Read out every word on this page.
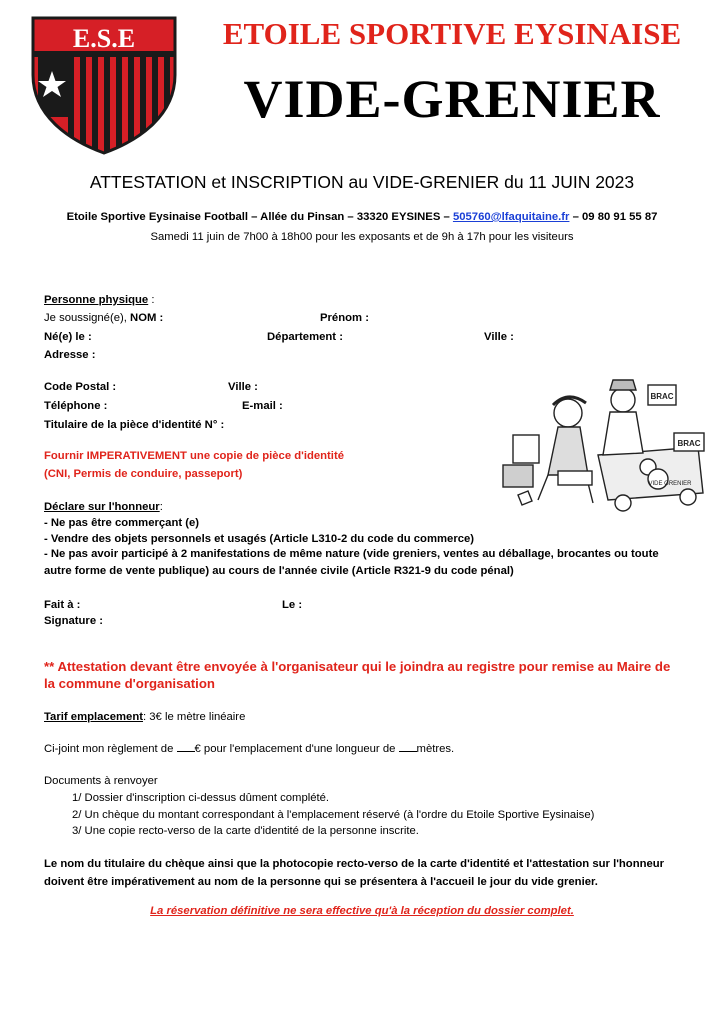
E.S.E	ETOILE SPORTIVE EYSINAISE
VIDE-GRENIER
ATTESTATION et INSCRIPTION au VIDE-GRENIER du 11 JUIN 2023
Etoile Sportive Eysinaise Football – Allée du Pinsan – 33320 EYSINES – 505760@lfaquitaine.fr – 09 80 91 55 87
Samedi 11 juin de 7h00 à 18h00 pour les exposants et de 9h à 17h pour les visiteurs
Personne physique :
Je soussigné(e), NOM :	Prénom :
Né(e) le :	Département :	Ville :
Adresse :
Code Postal :	Ville :
Téléphone :	E-mail :
Titulaire de la pièce d'identité N° :
Fournir IMPERATIVEMENT une copie de pièce d'identité
(CNI, Permis de conduire, passeport)
BRAC
BRAC
VIDE GRENIER
Déclare sur l'honneur:
- Ne pas être commerçant (e)
- Vendre des objets personnels et usagés (Article L310-2 du code du commerce)
- Ne pas avoir participé à 2 manifestations de même nature (vide greniers, ventes au déballage, brocantes ou toute autre forme de vente publique) au cours de l'année civile (Article R321-9 du code pénal)
Fait à :	Le :
Signature :
** Attestation devant être envoyée à l'organisateur qui le joindra au registre pour remise au Maire de la commune d'organisation
Tarif emplacement: 3€ le mètre linéaire
Ci-joint mon règlement de € pour l'emplacement d'une longueur de mètres.
Documents à renvoyer
1/ Dossier d'inscription ci-dessus dûment complété.
2/ Un chèque du montant correspondant à l'emplacement réservé (à l'ordre du Etoile Sportive Eysinaise)
3/ Une copie recto-verso de la carte d'identité de la personne inscrite.
Le nom du titulaire du chèque ainsi que la photocopie recto-verso de la carte d'identité et l'attestation sur l'honneur doivent être impérativement au nom de la personne qui se présentera à l'accueil le jour du vide grenier.
La réservation définitive ne sera effective qu'à la réception du dossier complet.
